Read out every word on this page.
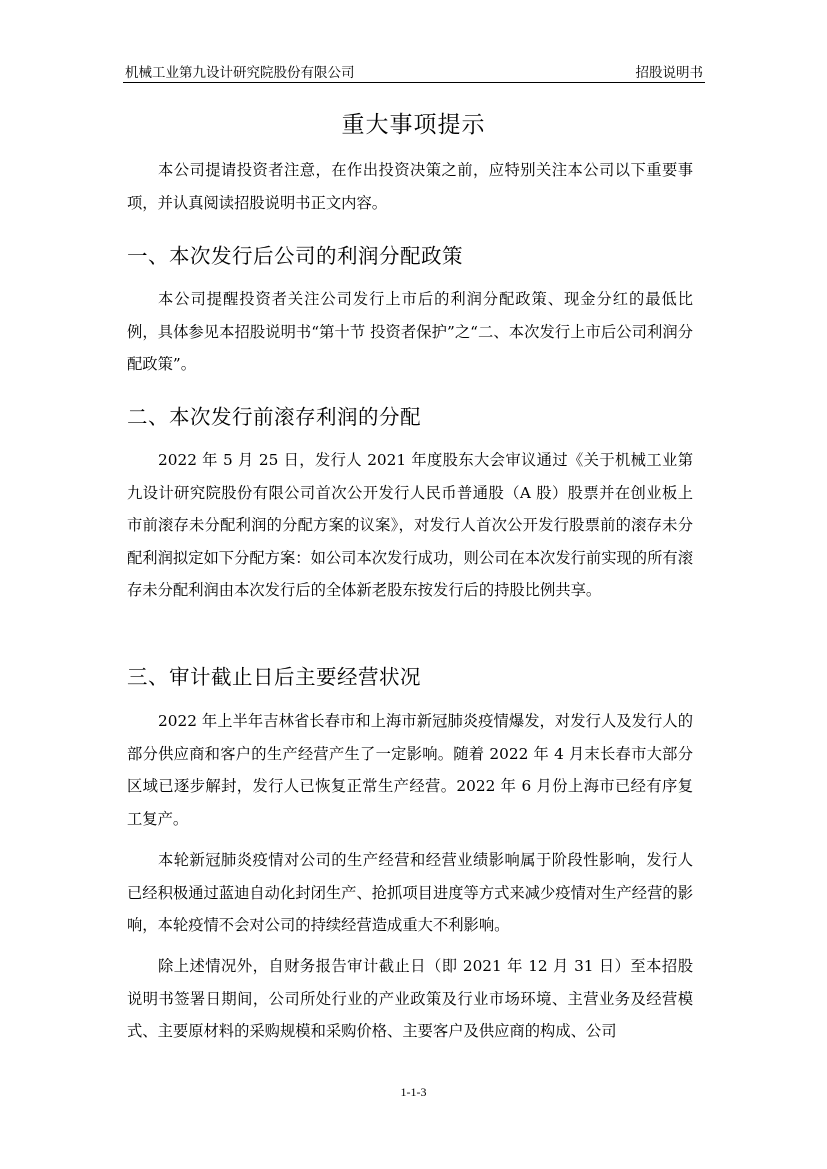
机械工业第九设计研究院股份有限公司	招股说明书
重大事项提示
本公司提请投资者注意，在作出投资决策之前，应特别关注本公司以下重要事项，并认真阅读招股说明书正文内容。
一、本次发行后公司的利润分配政策
本公司提醒投资者关注公司发行上市后的利润分配政策、现金分红的最低比例，具体参见本招股说明书“第十节 投资者保护”之“二、本次发行上市后公司利润分配政策”。
二、本次发行前滚存利润的分配
2022 年 5 月 25 日，发行人 2021 年度股东大会审议通过《关于机械工业第九设计研究院股份有限公司首次公开发行人民币普通股（A 股）股票并在创业板上市前滚存未分配利润的分配方案的议案》，对发行人首次公开发行股票前的滚存未分配利润拟定如下分配方案：如公司本次发行成功，则公司在本次发行前实现的所有滚存未分配利润由本次发行后的全体新老股东按发行后的持股比例共享。
三、审计截止日后主要经营状况
2022 年上半年吉林省长春市和上海市新冠肺炎疫情爆发，对发行人及发行人的部分供应商和客户的生产经营产生了一定影响。随着 2022 年 4 月末长春市大部分区域已逐步解封，发行人已恢复正常生产经营。2022 年 6 月份上海市已经有序复工复产。
本轮新冠肺炎疫情对公司的生产经营和经营业绩影响属于阶段性影响，发行人已经积极通过蓝迪自动化封闭生产、抢抓项目进度等方式来减少疫情对生产经营的影响，本轮疫情不会对公司的持续经营造成重大不利影响。
除上述情况外，自财务报告审计截止日（即 2021 年 12 月 31 日）至本招股说明书签署日期间，公司所处行业的产业政策及行业市场环境、主营业务及经营模式、主要原材料的采购规模和采购价格、主要客户及供应商的构成、公司
1-1-3
